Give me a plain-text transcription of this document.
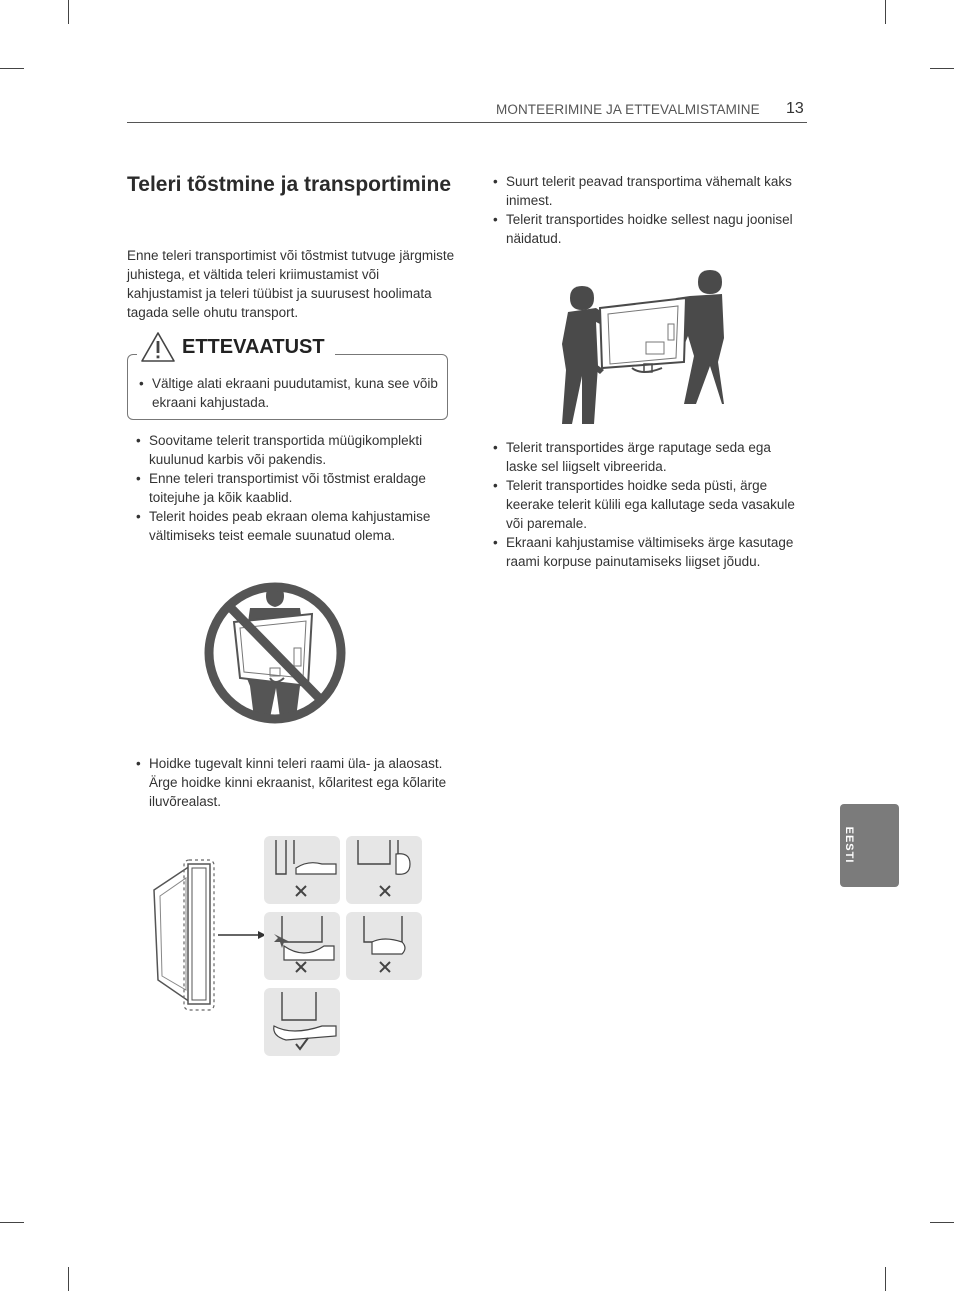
MONTEERIMINE JA ETTEVALMISTAMINE 13
Teleri tõstmine ja transportimine

Enne teleri transportimist või tõstmist tutvuge järgmiste juhistega, et vältida teleri kriimustamist või kahjustamist ja teleri tüübist ja suurusest hoolimata tagada selle ohutu transport.

ETTEVAATUST
• Vältige alati ekraani puudutamist, kuna see võib ekraani kahjustada.
• Soovitame telerit transportida müügikomplekti kuulunud karbis või pakendis.
• Enne teleri transportimist või tõstmist eraldage toitejuhe ja kõik kaablid.
• Telerit hoides peab ekraan olema kahjustamise vältimiseks teist eemale suunatud olema.
• Hoidke tugevalt kinni teleri raami üla- ja alaosast. Ärge hoidke kinni ekraanist, kõlaritest ega kõlarite iluvõrealast.
• Suurt telerit peavad transportima vähemalt kaks inimest.
• Telerit transportides hoidke sellest nagu joonisel näidatud.
• Telerit transportides ärge raputage seda ega laske sel liigselt vibreerida.
• Telerit transportides hoidke seda püsti, ärge keerake telerit külili ega kallutage seda vasakule või paremale.
• Ekraani kahjustamise vältimiseks ärge kasutage raami korpuse painutamiseks liigset jõudu.
EESTI
